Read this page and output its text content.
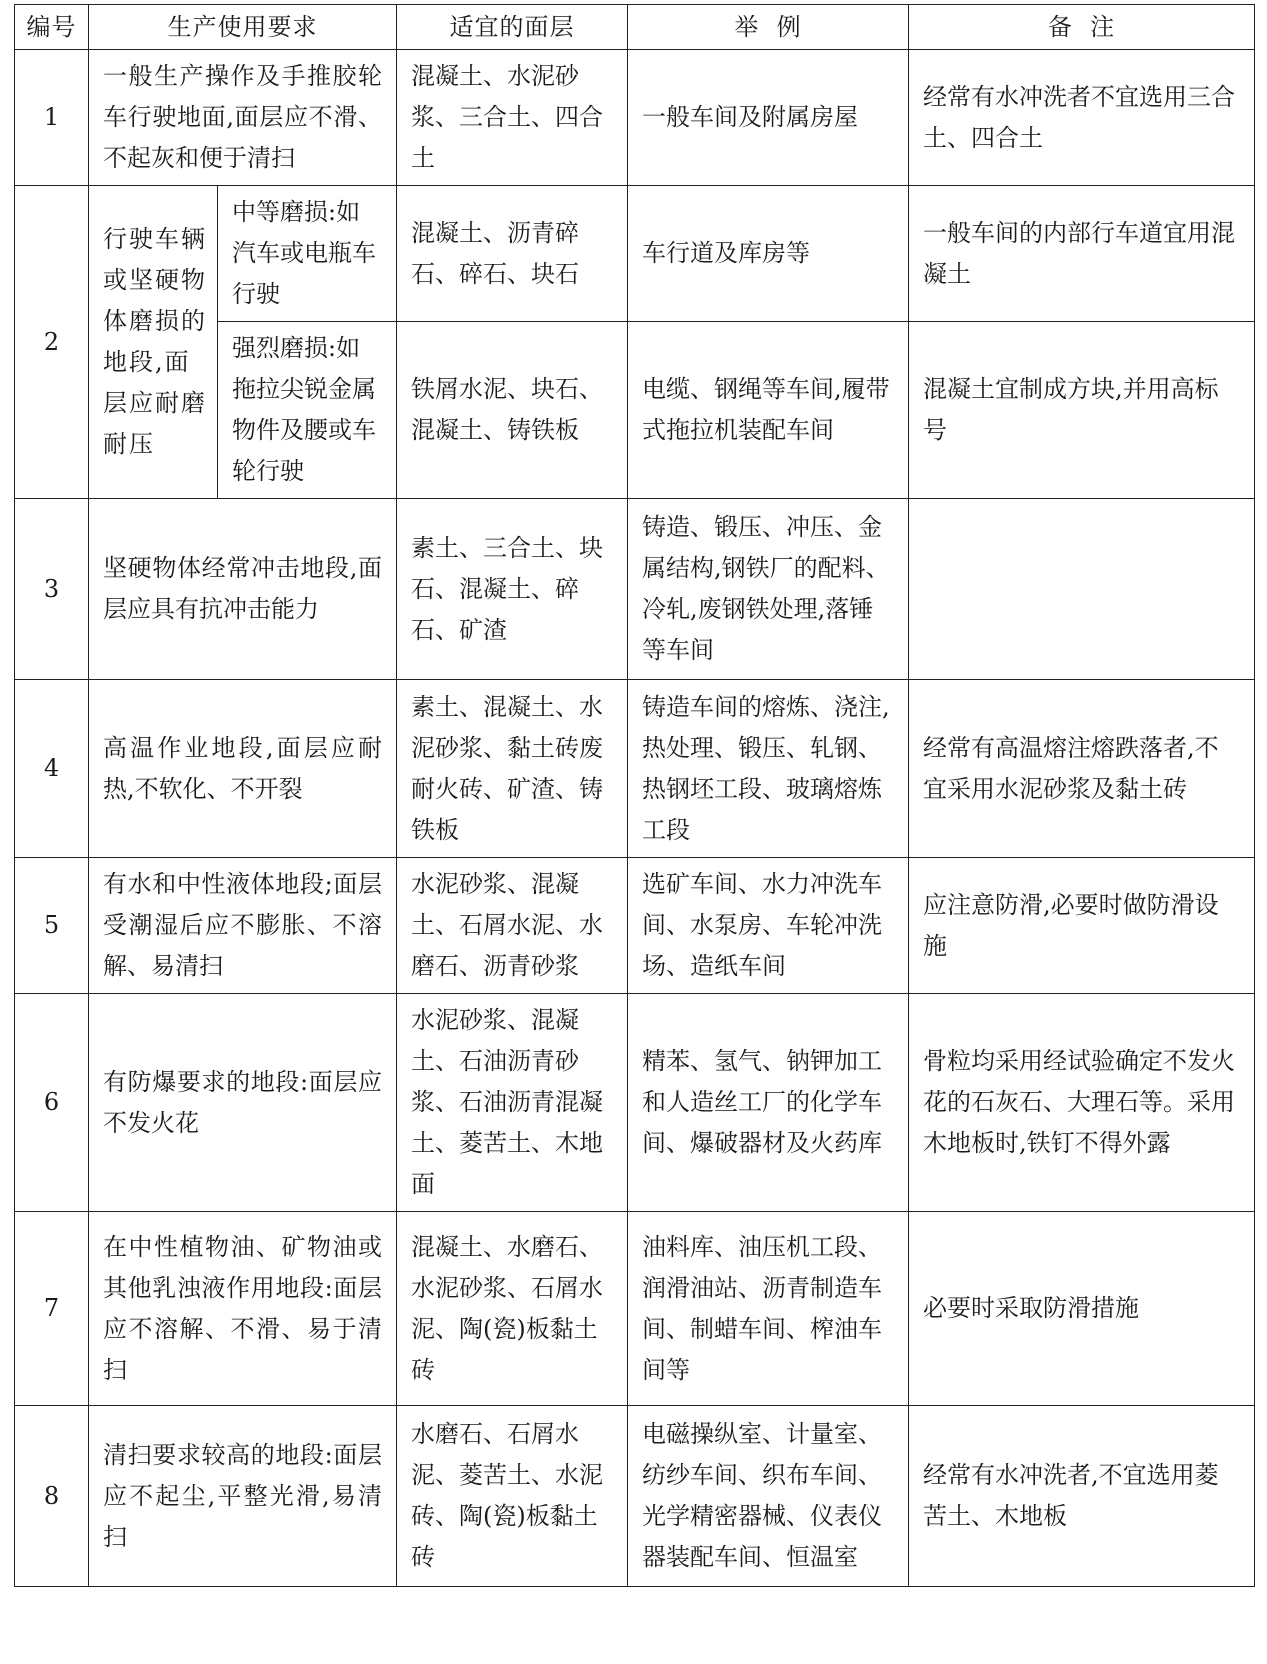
编号	生产使用要求		适宜的面层	举  例	备  注
1	一般生产操作及手推胶轮车行驶地面,面层应不滑、不起灰和便于清扫		混凝土、水泥砂浆、三合土、四合土	一般车间及附属房屋	经常有水冲洗者不宜选用三合土、四合土
2	行驶车辆或坚硬物体磨损的地段,面层应耐磨耐压	中等磨损:如汽车或电瓶车行驶	混凝土、沥青碎石、碎石、块石	车行道及库房等	一般车间的内部行车道宜用混凝土
		强烈磨损:如拖拉尖锐金属物件及腰或车轮行驶	铁屑水泥、块石、混凝土、铸铁板	电缆、钢绳等车间,履带式拖拉机装配车间	混凝土宜制成方块,并用高标号
3	坚硬物体经常冲击地段,面层应具有抗冲击能力		素土、三合土、块石、混凝土、碎石、矿渣	铸造、锻压、冲压、金属结构,钢铁厂的配料、冷轧,废钢铁处理,落锤等车间	
4	高温作业地段,面层应耐热,不软化、不开裂		素土、混凝土、水泥砂浆、黏土砖废耐火砖、矿渣、铸铁板	铸造车间的熔炼、浇注,热处理、锻压、轧钢、热钢坯工段、玻璃熔炼工段	经常有高温熔注熔跌落者,不宜采用水泥砂浆及黏土砖
5	有水和中性液体地段;面层受潮湿后应不膨胀、不溶解、易清扫		水泥砂浆、混凝土、石屑水泥、水磨石、沥青砂浆	选矿车间、水力冲洗车间、水泵房、车轮冲洗场、造纸车间	应注意防滑,必要时做防滑设施
6	有防爆要求的地段:面层应不发火花		水泥砂浆、混凝土、石油沥青砂浆、石油沥青混凝土、菱苦土、木地面	精苯、氢气、钠钾加工和人造丝工厂的化学车间、爆破器材及火药库	骨粒均采用经试验确定不发火花的石灰石、大理石等。采用木地板时,铁钉不得外露
7	在中性植物油、矿物油或其他乳浊液作用地段:面层应不溶解、不滑、易于清扫		混凝土、水磨石、水泥砂浆、石屑水泥、陶(瓷)板黏土砖	油料库、油压机工段、润滑油站、沥青制造车间、制蜡车间、榨油车间等	必要时采取防滑措施
8	清扫要求较高的地段:面层应不起尘,平整光滑,易清扫		水磨石、石屑水泥、菱苦土、水泥砖、陶(瓷)板黏土砖	电磁操纵室、计量室、纺纱车间、织布车间、光学精密器械、仪表仪器装配车间、恒温室	经常有水冲洗者,不宜选用菱苦土、木地板
